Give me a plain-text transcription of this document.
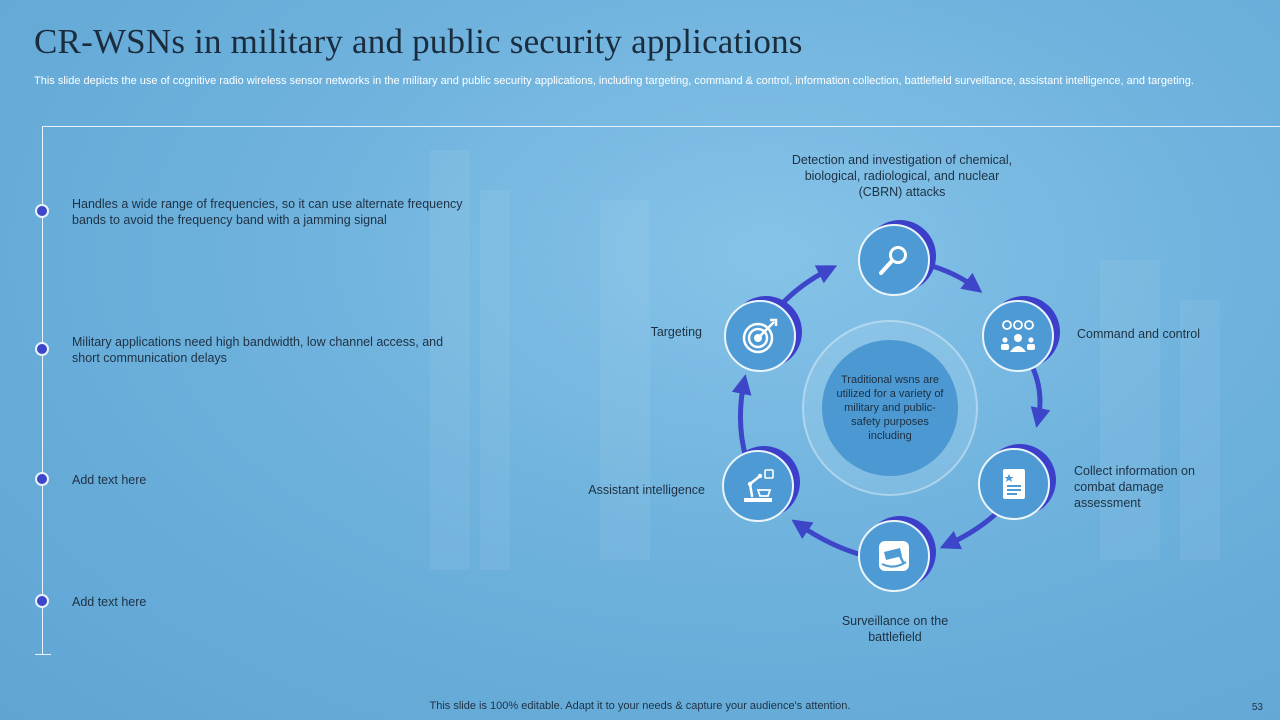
CR-WSNs in military and public security applications

This slide depicts the use of cognitive radio wireless sensor networks in the military and public security applications, including targeting, command & control, information collection, battlefield surveillance, assistant intelligence, and targeting.

Handles a wide range of frequencies, so it can use alternate frequency bands to avoid the frequency band with a jamming signal
Military applications need high bandwidth, low channel access, and short communication delays
Add text here
Add text here
Traditional wsns are utilized for a variety of military and public-safety purposes including
Detection and investigation of chemical, biological, radiological, and nuclear (CBRN) attacks
Command and control
Collect information on combat damage assessment
Surveillance on the battlefield
Assistant intelligence
Targeting
This slide is 100% editable. Adapt it to your needs & capture your audience's attention.	53
